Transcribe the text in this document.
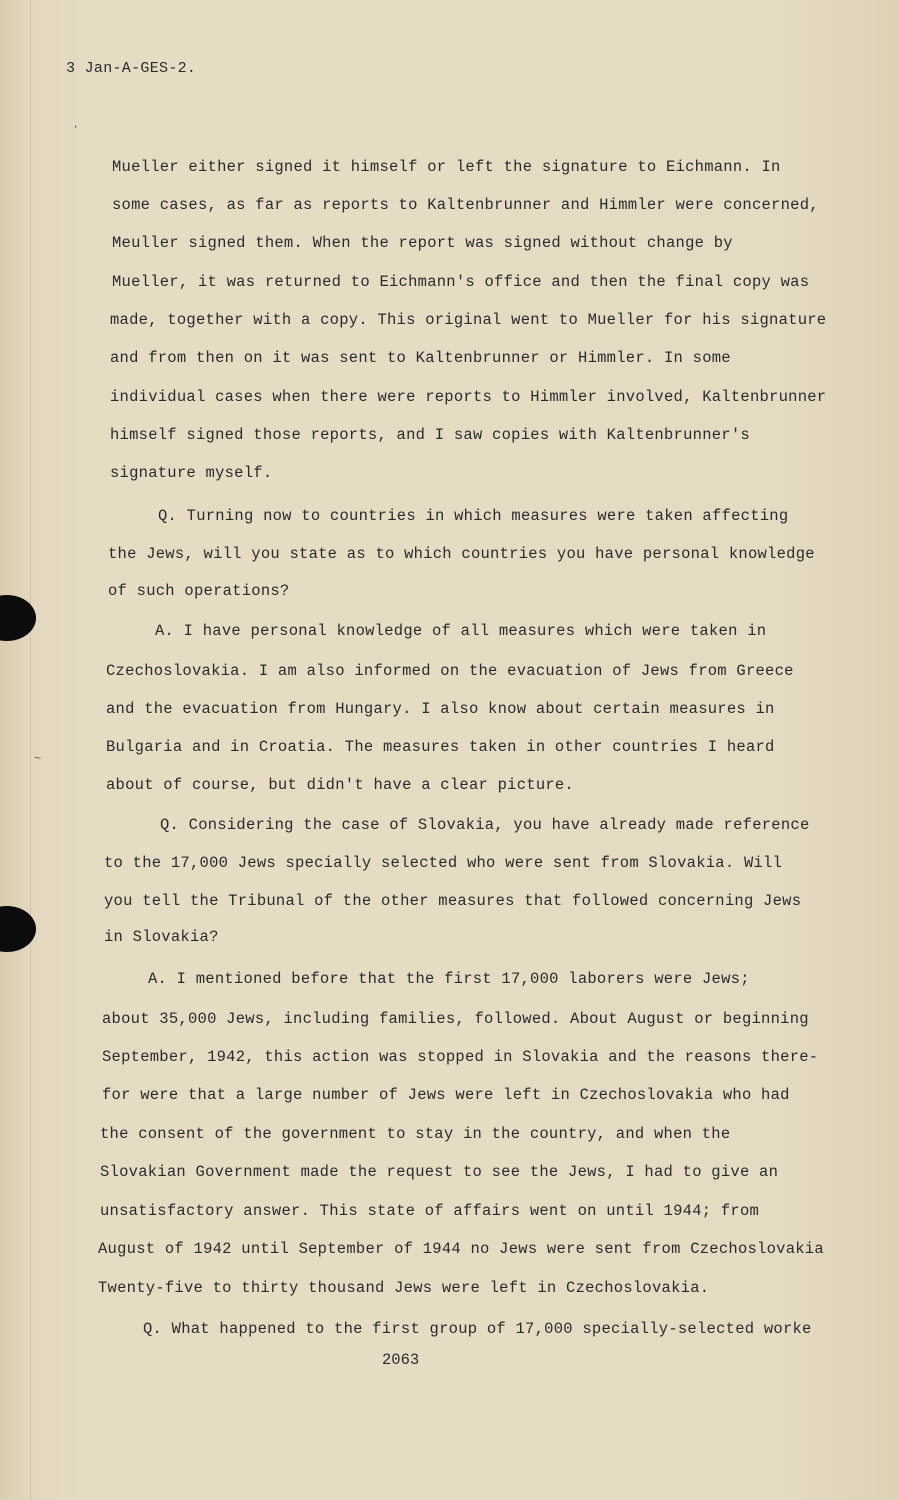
·
~
3 Jan-A-GES-2.
Mueller either signed it himself or left the signature to Eichmann. In
some cases, as far as reports to Kaltenbrunner and Himmler were concerned,
Meuller signed them. When the report was signed without change by
Mueller, it was returned to Eichmann's office and then the final copy was
made, together with a copy. This original went to Mueller for his signature
and from then on it was sent to Kaltenbrunner or Himmler. In some
individual cases when there were reports to Himmler involved, Kaltenbrunner
himself signed those reports, and I saw copies with Kaltenbrunner's
signature myself.
Q. Turning now to countries in which measures were taken affecting
the Jews, will you state as to which countries you have personal knowledge
of such operations?
A. I have personal knowledge of all measures which were taken in
Czechoslovakia. I am also informed on the evacuation of Jews from Greece
and the evacuation from Hungary. I also know about certain measures in
Bulgaria and in Croatia. The measures taken in other countries I heard
about of course, but didn't have a clear picture.
Q. Considering the case of Slovakia, you have already made reference
to the 17,000 Jews specially selected who were sent from Slovakia. Will
you tell the Tribunal of the other measures that followed concerning Jews
in Slovakia?
A. I mentioned before that the first 17,000 laborers were Jews;
about 35,000 Jews, including families, followed. About August or beginning
September, 1942, this action was stopped in Slovakia and the reasons there-
for were that a large number of Jews were left in Czechoslovakia who had
the consent of the government to stay in the country, and when the
Slovakian Government made the request to see the Jews, I had to give an
unsatisfactory answer. This state of affairs went on until 1944; from
August of 1942 until September of 1944 no Jews were sent from Czechoslovakia
Twenty-five to thirty thousand Jews were left in Czechoslovakia.
Q. What happened to the first group of 17,000 specially-selected worke
2063
